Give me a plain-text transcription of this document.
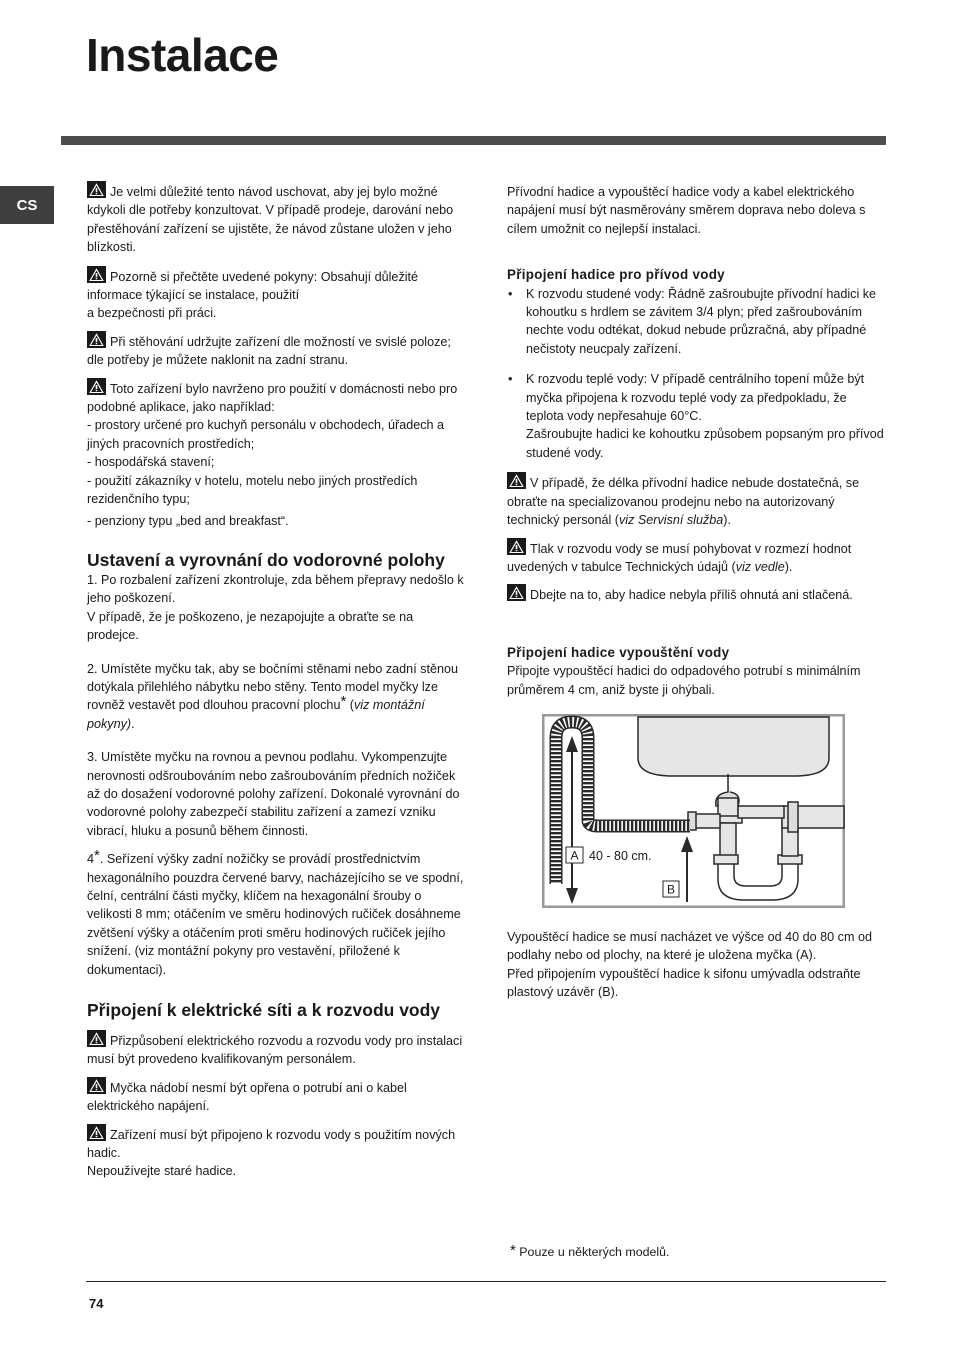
Instalace
CS

Je velmi důležité tento návod uschovat, aby jej bylo možné kdykoli dle potřeby konzultovat. V případě prodeje, darování nebo přestěhování zařízení se ujistěte, že návod zůstane uložen v jeho blízkosti.

Pozorně si přečtěte uvedené pokyny: Obsahují důležité informace týkající se instalace, použití

a bezpečnosti při práci.

Při stěhování udržujte zařízení dle možností ve svislé poloze; dle potřeby je můžete naklonit na zadní stranu.

Toto zařízení bylo navrženo pro použití v domácnosti nebo pro podobné aplikace, jako například:

- prostory určené pro kuchyň personálu v obchodech, úřadech a jiných pracovních prostředích;

- hospodářská stavení;

- použití zákazníky v hotelu, motelu nebo jiných prostředích rezidenčního typu;

- penziony typu „bed and breakfast“.

Ustavení a vyrovnání do vodorovné polohy

1. Po rozbalení zařízení zkontroluje, zda během přepravy nedošlo k jeho poškození.

V případě, že je poškozeno, je nezapojujte a obraťte se na prodejce.

2. Umístěte myčku tak, aby se bočními stěnami nebo zadní stěnou dotýkala přilehlého nábytku nebo stěny. Tento model myčky lze rovněž vestavět pod dlouhou pracovní plochu* (viz montážní pokyny).

3. Umístěte myčku na rovnou a pevnou podlahu. Vykompenzujte nerovnosti odšroubováním nebo zašroubováním předních nožiček až do dosažení vodorovné polohy zařízení. Dokonalé vyrovnání do vodorovné polohy zabezpečí stabilitu zařízení a zamezí vzniku vibrací, hluku a posunů během činnosti.

4*. Seřízení výšky zadní nožičky se provádí prostřednictvím hexagonálního pouzdra červené barvy, nacházejícího se ve spodní, čelní, centrální části myčky, klíčem na hexagonální šrouby o velikosti 8 mm; otáčením ve směru hodinových ručiček dosáhneme zvětšení výšky a otáčením proti směru hodinových ručiček jejího snížení. (viz montážní pokyny pro vestavění, přiložené k dokumentaci).

Připojení k elektrické síti a k rozvodu vody

Přizpůsobení elektrického rozvodu a rozvodu vody pro instalaci musí být provedeno kvalifikovaným personálem.

Myčka nádobí nesmí být opřena o potrubí ani o kabel elektrického napájení.

Zařízení musí být připojeno k rozvodu vody s použitím nových hadic.

Nepoužívejte staré hadice.

Přívodní hadice a vypouštěcí hadice vody a kabel elektrického napájení musí být nasměrovány směrem doprava nebo doleva s cílem umožnit co nejlepší instalaci.

Připojení hadice pro přívod vody
• K rozvodu studené vody: Řádně zašroubujte přívodní hadici ke kohoutku s hrdlem se závitem 3/4 plyn; před zašroubováním nechte vodu odtékat, dokud nebude průzračná, aby případné nečistoty neucpaly zařízení.
• K rozvodu teplé vody: V případě centrálního topení může být myčka připojena k rozvodu teplé vody za předpokladu, že teplota vody nepřesahuje 60°C.
Zašroubujte hadici ke kohoutku způsobem popsaným pro přívod studené vody.

V případě, že délka přívodní hadice nebude dostatečná, se obraťte na specializovanou prodejnu nebo na autorizovaný technický personál (viz Servisní služba).

Tlak v rozvodu vody se musí pohybovat v rozmezí hodnot uvedených v tabulce Technických údajů (viz vedle).

Dbejte na to, aby hadice nebyla příliš ohnutá ani stlačená.

Připojení hadice vypouštění vody

Připojte vypouštěcí hadici do odpadového potrubí s minimálním průměrem 4 cm, aniž byste ji ohýbali.

Vypouštěcí hadice se musí nacházet ve výšce od 40 do 80 cm od podlahy nebo od plochy, na které je uložena myčka (A).

Před připojením vypouštěcí hadice k sifonu umývadla odstraňte plastový uzávěr (B).

A 40 - 80 cm.
B
* Pouze u některých modelů.
74
